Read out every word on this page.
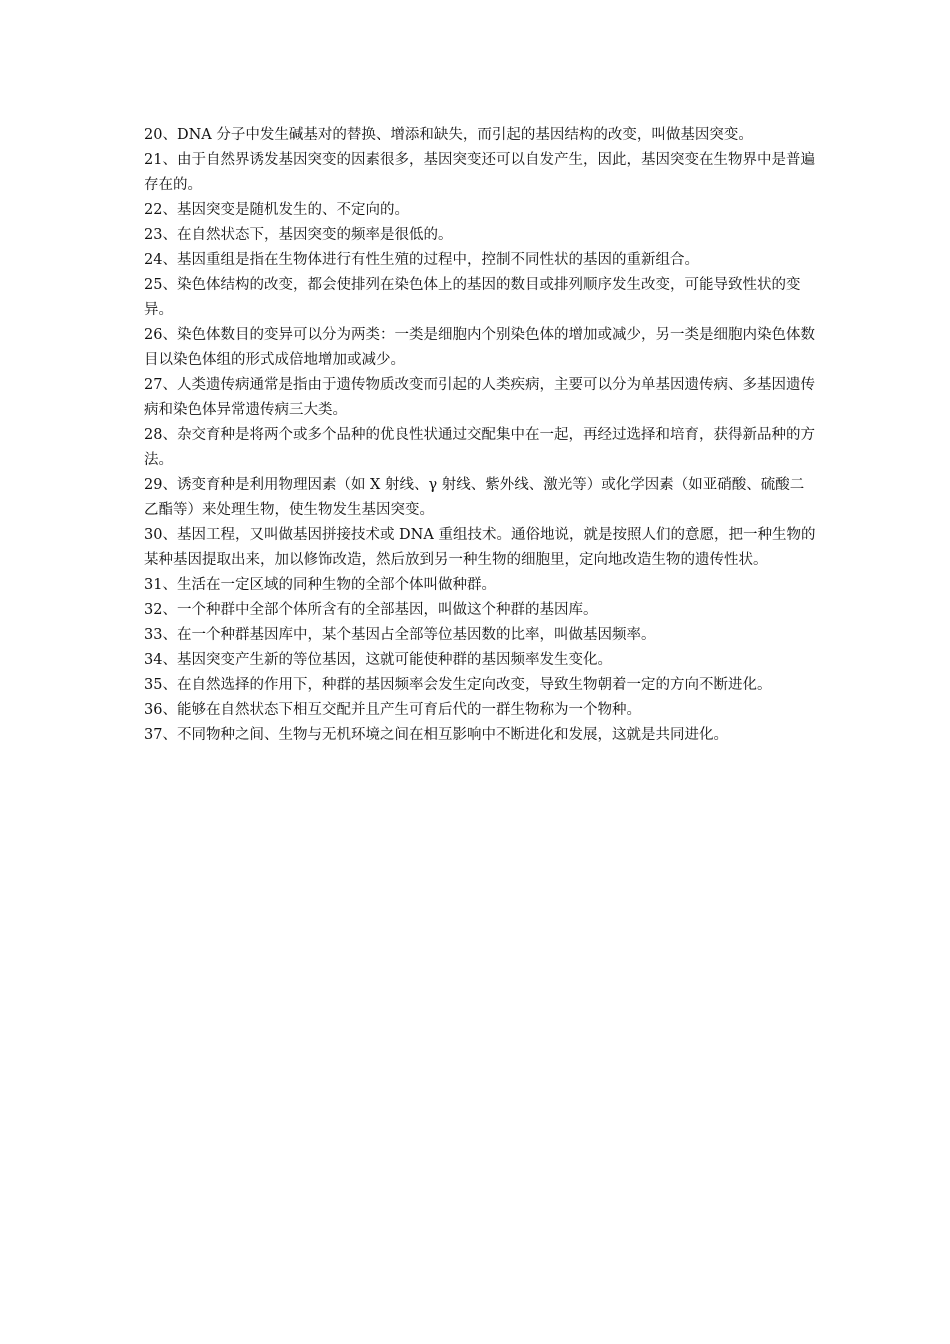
20、DNA 分子中发生碱基对的替换、增添和缺失，而引起的基因结构的改变，叫做基因突变。

21、由于自然界诱发基因突变的因素很多，基因突变还可以自发产生，因此，基因突变在生物界中是普遍存在的。

22、基因突变是随机发生的、不定向的。

23、在自然状态下，基因突变的频率是很低的。

24、基因重组是指在生物体进行有性生殖的过程中，控制不同性状的基因的重新组合。

25、染色体结构的改变，都会使排列在染色体上的基因的数目或排列顺序发生改变，可能导致性状的变异。

26、染色体数目的变异可以分为两类：一类是细胞内个别染色体的增加或减少，另一类是细胞内染色体数目以染色体组的形式成倍地增加或减少。

27、人类遗传病通常是指由于遗传物质改变而引起的人类疾病，主要可以分为单基因遗传病、多基因遗传病和染色体异常遗传病三大类。

28、杂交育种是将两个或多个品种的优良性状通过交配集中在一起，再经过选择和培育，获得新品种的方法。

29、诱变育种是利用物理因素（如 X 射线、γ 射线、紫外线、激光等）或化学因素（如亚硝酸、硫酸二乙酯等）来处理生物，使生物发生基因突变。

30、基因工程，又叫做基因拼接技术或 DNA 重组技术。通俗地说，就是按照人们的意愿，把一种生物的某种基因提取出来，加以修饰改造，然后放到另一种生物的细胞里，定向地改造生物的遗传性状。

31、生活在一定区域的同种生物的全部个体叫做种群。

32、一个种群中全部个体所含有的全部基因，叫做这个种群的基因库。

33、在一个种群基因库中，某个基因占全部等位基因数的比率，叫做基因频率。

34、基因突变产生新的等位基因，这就可能使种群的基因频率发生变化。

35、在自然选择的作用下，种群的基因频率会发生定向改变，导致生物朝着一定的方向不断进化。

36、能够在自然状态下相互交配并且产生可育后代的一群生物称为一个物种。

37、不同物种之间、生物与无机环境之间在相互影响中不断进化和发展，这就是共同进化。
